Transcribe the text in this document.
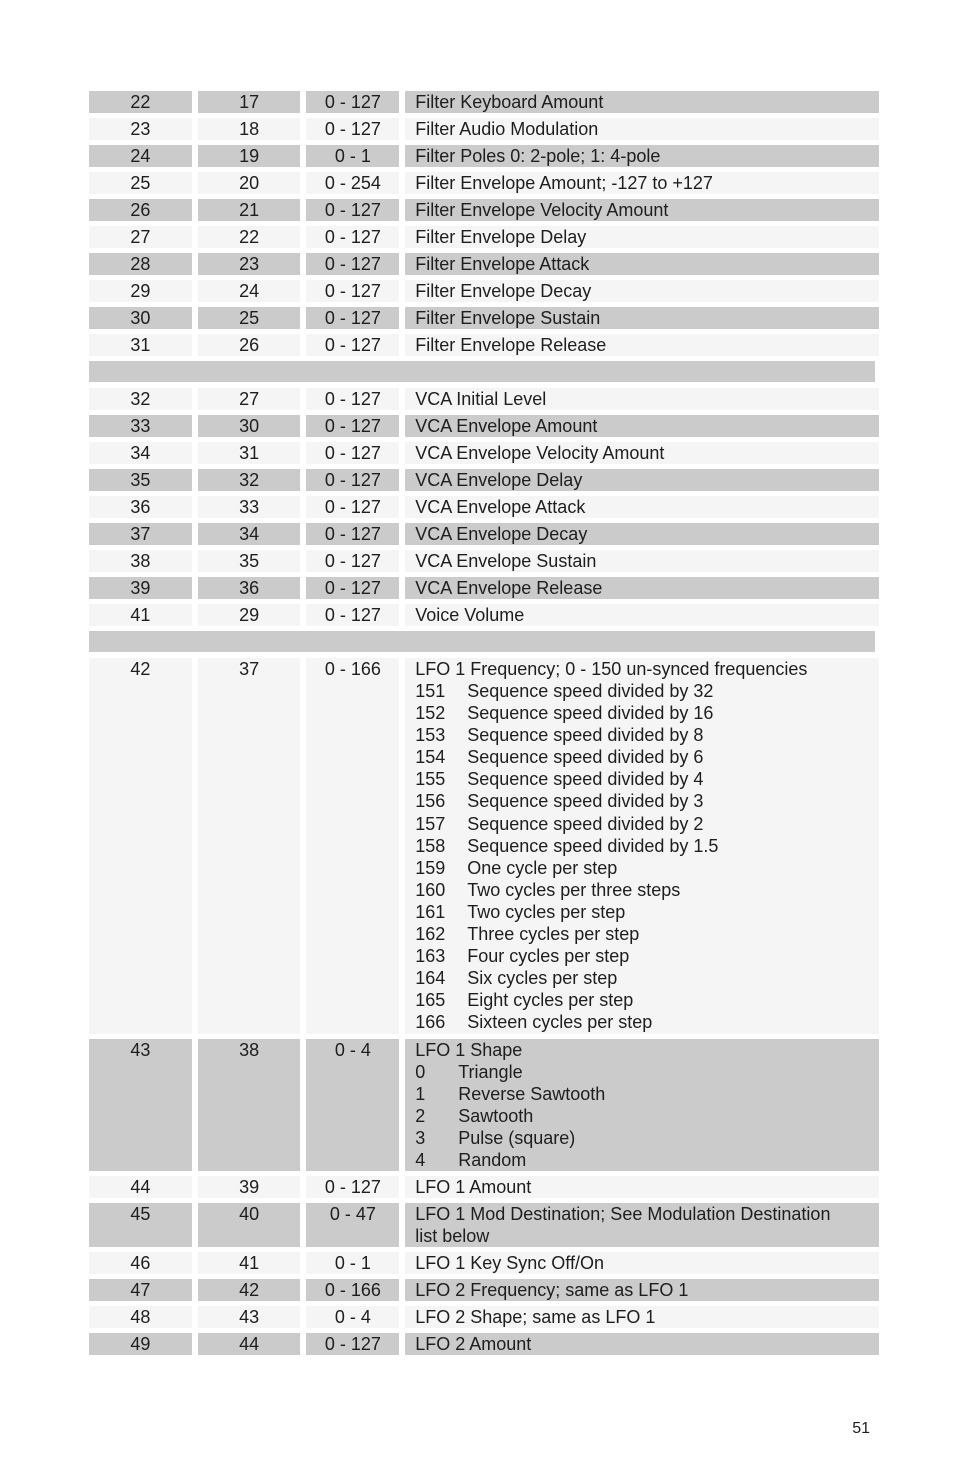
22	17	0 - 127	Filter Keyboard Amount
23	18	0 - 127	Filter Audio Modulation
24	19	0 - 1	Filter Poles 0: 2-pole; 1: 4-pole
25	20	0 - 254	Filter Envelope Amount; -127 to +127
26	21	0 - 127	Filter Envelope Velocity Amount
27	22	0 - 127	Filter Envelope Delay
28	23	0 - 127	Filter Envelope Attack
29	24	0 - 127	Filter Envelope Decay
30	25	0 - 127	Filter Envelope Sustain
31	26	0 - 127	Filter Envelope Release
32	27	0 - 127	VCA Initial Level
33	30	0 - 127	VCA Envelope Amount
34	31	0 - 127	VCA Envelope Velocity Amount
35	32	0 - 127	VCA Envelope Delay
36	33	0 - 127	VCA Envelope Attack
37	34	0 - 127	VCA Envelope Decay
38	35	0 - 127	VCA Envelope Sustain
39	36	0 - 127	VCA Envelope Release
41	29	0 - 127	Voice Volume
42	37	0 - 166	LFO 1 Frequency; 0 - 150 un-synced frequencies
151	Sequence speed divided by 32
152	Sequence speed divided by 16
153	Sequence speed divided by 8
154	Sequence speed divided by 6
155	Sequence speed divided by 4
156	Sequence speed divided by 3
157	Sequence speed divided by 2
158	Sequence speed divided by 1.5
159	One cycle per step
160	Two cycles per three steps
161	Two cycles per step
162	Three cycles per step
163	Four cycles per step
164	Six cycles per step
165	Eight cycles per step
166	Sixteen cycles per step
43	38	0 - 4	LFO 1 Shape
0	Triangle
1	Reverse Sawtooth
2	Sawtooth
3	Pulse (square)
4	Random
44	39	0 - 127	LFO 1 Amount
45	40	0 - 47	LFO 1 Mod Destination; See Modulation Destination
list below
46	41	0 - 1	LFO 1 Key Sync Off/On
47	42	0 - 166	LFO 2 Frequency; same as LFO 1
48	43	0 - 4	LFO 2 Shape; same as LFO 1
49	44	0 - 127	LFO 2 Amount
51
